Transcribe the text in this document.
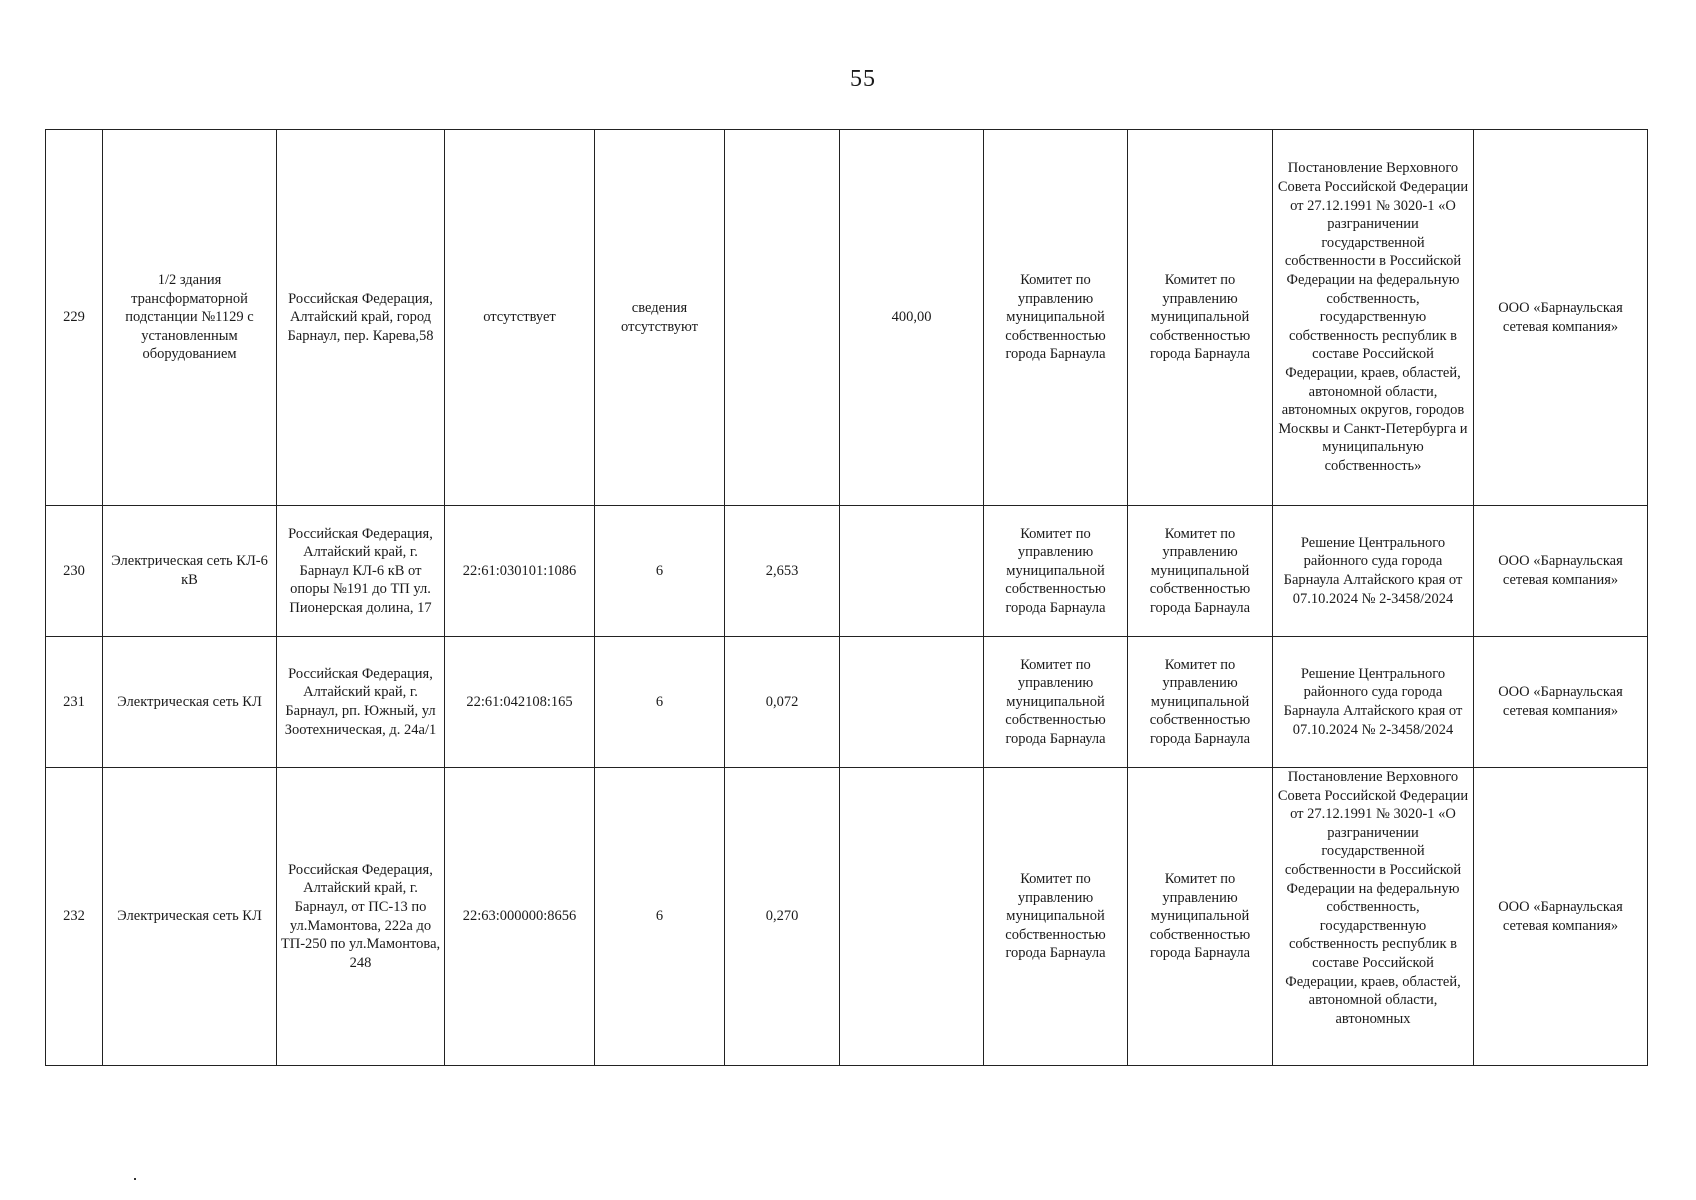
55
229	1/2 здания трансформаторной подстанции №1129 с установленным оборудованием	Российская Федерация, Алтайский край, город Барнаул, пер. Карева,58	отсутствует	сведения отсутствуют		400,00	Комитет по управлению муниципальной собственностью города Барнаула	Комитет по управлению муниципальной собственностью города Барнаула	Постановление Верховного Совета Российской Федерации от 27.12.1991 № 3020-1 «О разграничении государственной собственности в Российской Федерации на федеральную собственность, государственную собственность республик в составе Российской Федерации, краев, областей, автономной области, автономных округов, городов Москвы и Санкт-Петербурга и муниципальную собственность»	ООО «Барнаульская сетевая компания»
230	Электрическая сеть КЛ-6 кВ	Российская Федерация, Алтайский край, г. Барнаул КЛ-6 кВ от опоры №191 до ТП ул. Пионерская долина, 17	22:61:030101:1086	6	2,653		Комитет по управлению муниципальной собственностью города Барнаула	Комитет по управлению муниципальной собственностью города Барнаула	Решение Центрального районного суда города Барнаула Алтайского края от 07.10.2024 № 2-3458/2024	ООО «Барнаульская сетевая компания»
231	Электрическая сеть КЛ	Российская Федерация, Алтайский край, г. Барнаул, рп. Южный, ул Зоотехническая, д. 24а/1	22:61:042108:165	6	0,072		Комитет по управлению муниципальной собственностью города Барнаула	Комитет по управлению муниципальной собственностью города Барнаула	Решение Центрального районного суда города Барнаула Алтайского края от 07.10.2024 № 2-3458/2024	ООО «Барнаульская сетевая компания»
232	Электрическая сеть КЛ	Российская Федерация, Алтайский край, г. Барнаул, от ПС-13 по ул.Мамонтова, 222а до ТП-250 по ул.Мамонтова, 248	22:63:000000:8656	6	0,270		Комитет по управлению муниципальной собственностью города Барнаула	Комитет по управлению муниципальной собственностью города Барнаула	Постановление Верховного Совета Российской Федерации от 27.12.1991 № 3020-1 «О разграничении государственной собственности в Российской Федерации на федеральную собственность, государственную собственность республик в составе Российской Федерации, краев, областей, автономной области, автономных	ООО «Барнаульская сетевая компания»
